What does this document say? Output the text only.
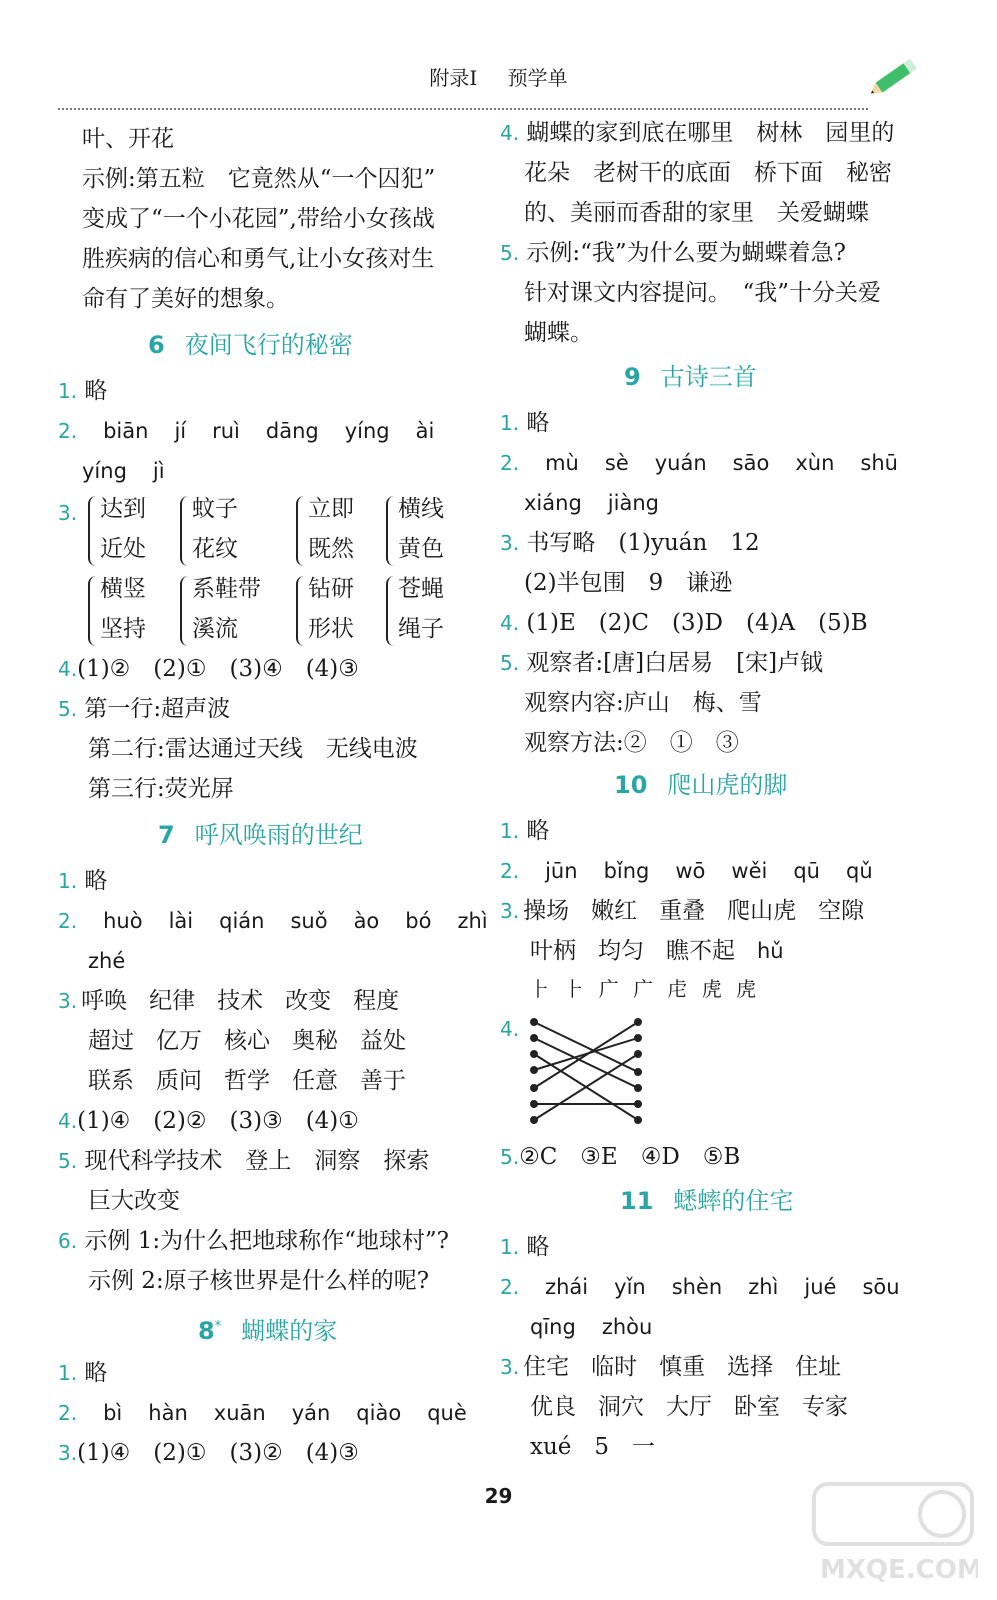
附录Ⅰ 预学单
叶、开花
示例:第五粒　它竟然从“一个囚犯”
变成了“一个小花园”,带给小女孩战
胜疾病的信心和勇气,让小女孩对生
命有了美好的想象。
6 夜间飞行的秘密
1. 略
2. biān jí ruì dāng yíng ài
yíng jì
3. 达到
近处
蚊子
花纹
立即
既然
横线
黄色
横竖
坚持
系鞋带
溪流
钻研
形状
苍蝇
绳子
4.(1)②　(2)①　(3)④　(4)③
5. 第一行:超声波
第二行:雷达通过天线　无线电波
第三行:荧光屏
7 呼风唤雨的世纪
1. 略
2. huò lài qián suǒ ào bó zhì
zhé
3. 呼唤 纪律 技术 改变 程度
超过 亿万 核心 奥秘 益处
联系 质问 哲学 任意 善于
4.(1)④　(2)②　(3)③　(4)①
5. 现代科学技术　登上　洞察　探索
巨大改变
6. 示例 1:为什么把地球称作“地球村”?
示例 2:原子核世界是什么样的呢?
8* 蝴蝶的家
1. 略
2. bì hàn xuān yán qiào què
3.(1)④　(2)①　(3)②　(4)③
4. 蝴蝶的家到底在哪里　树林　园里的
花朵　老树干的底面　桥下面　秘密
的、美丽而香甜的家里　关爱蝴蝶
5. 示例:“我”为什么要为蝴蝶着急?
针对课文内容提问。　“我”十分关爱
蝴蝶。
9 古诗三首
1. 略
2. mù sè yuán sāo xùn shū
xiáng jiàng
3. 书写略　(1)yuán　12
(2)半包围　9　谦逊
4. (1)E　(2)C　(3)D　(4)A　(5)B
5. 观察者:[唐]白居易　[宋]卢钺
观察内容:庐山　梅、雪
观察方法:②　①　③
10 爬山虎的脚
1. 略
2. jūn bǐng wō wěi qū qǔ
3. 操场 嫩红 重叠 爬山虎 空隙
叶柄 均匀 瞧不起 hǔ
⺊ ⺊ 广 广 虍 虎 虎
4.
5.②C　③E　④D　⑤B
11 蟋蟀的住宅
1. 略
2. zhái yǐn shèn zhì jué sōu
qīng zhòu
3. 住宅 临时 慎重 选择 住址
优良 洞穴 大厅 卧室 专家
xué　5　一
29
MXQE.COM
